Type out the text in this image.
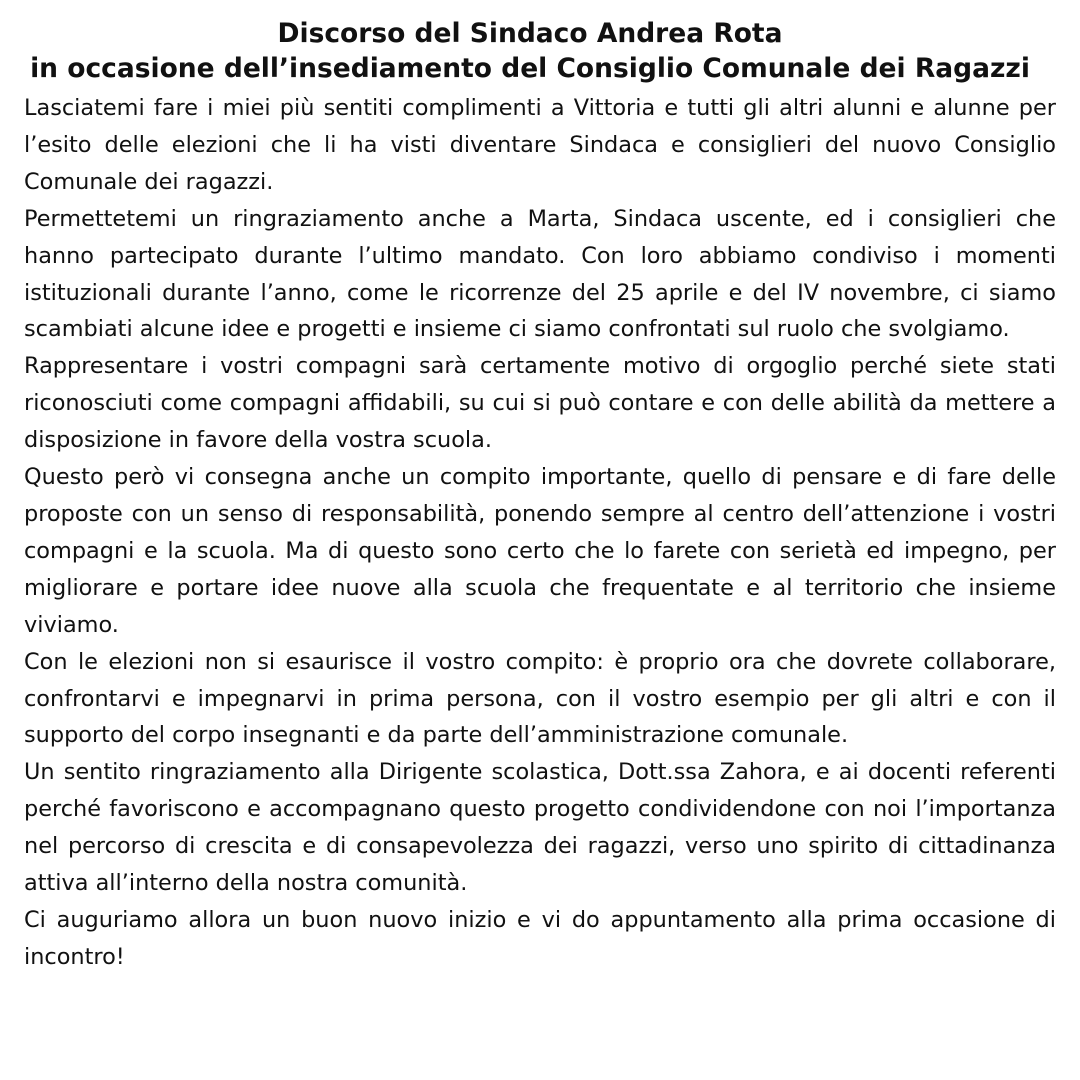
Discorso del Sindaco Andrea Rota
in occasione dell’insediamento del Consiglio Comunale dei Ragazzi

Lasciatemi fare i miei più sentiti complimenti a Vittoria e tutti gli altri alunni e alunne per l’esito delle elezioni che li ha visti diventare Sindaca e consiglieri del nuovo Consiglio Comunale dei ragazzi.

Permettetemi un ringraziamento anche a Marta, Sindaca uscente, ed i consiglieri che hanno partecipato durante l’ultimo mandato. Con loro abbiamo condiviso i momenti istituzionali durante l’anno, come le ricorrenze del 25 aprile e del IV novembre, ci siamo scambiati alcune idee e progetti e insieme ci siamo confrontati sul ruolo che svolgiamo.

Rappresentare i vostri compagni sarà certamente motivo di orgoglio perché siete stati riconosciuti come compagni affidabili, su cui si può contare e con delle abilità da mettere a disposizione in favore della vostra scuola.

Questo però vi consegna anche un compito importante, quello di pensare e di fare delle proposte con un senso di responsabilità, ponendo sempre al centro dell’attenzione i vostri compagni e la scuola. Ma di questo sono certo che lo farete con serietà ed impegno, per migliorare e portare idee nuove alla scuola che frequentate e al territorio che insieme viviamo.

Con le elezioni non si esaurisce il vostro compito: è proprio ora che dovrete collaborare, confrontarvi e impegnarvi in prima persona, con il vostro esempio per gli altri e con il supporto del corpo insegnanti e da parte dell’amministrazione comunale.

Un sentito ringraziamento alla Dirigente scolastica, Dott.ssa Zahora, e ai docenti referenti perché favoriscono e accompagnano questo progetto condividendone con noi l’importanza nel percorso di crescita e di consapevolezza dei ragazzi, verso uno spirito di cittadinanza attiva all’interno della nostra comunità.

Ci auguriamo allora un buon nuovo inizio e vi do appuntamento alla prima occasione di incontro!
